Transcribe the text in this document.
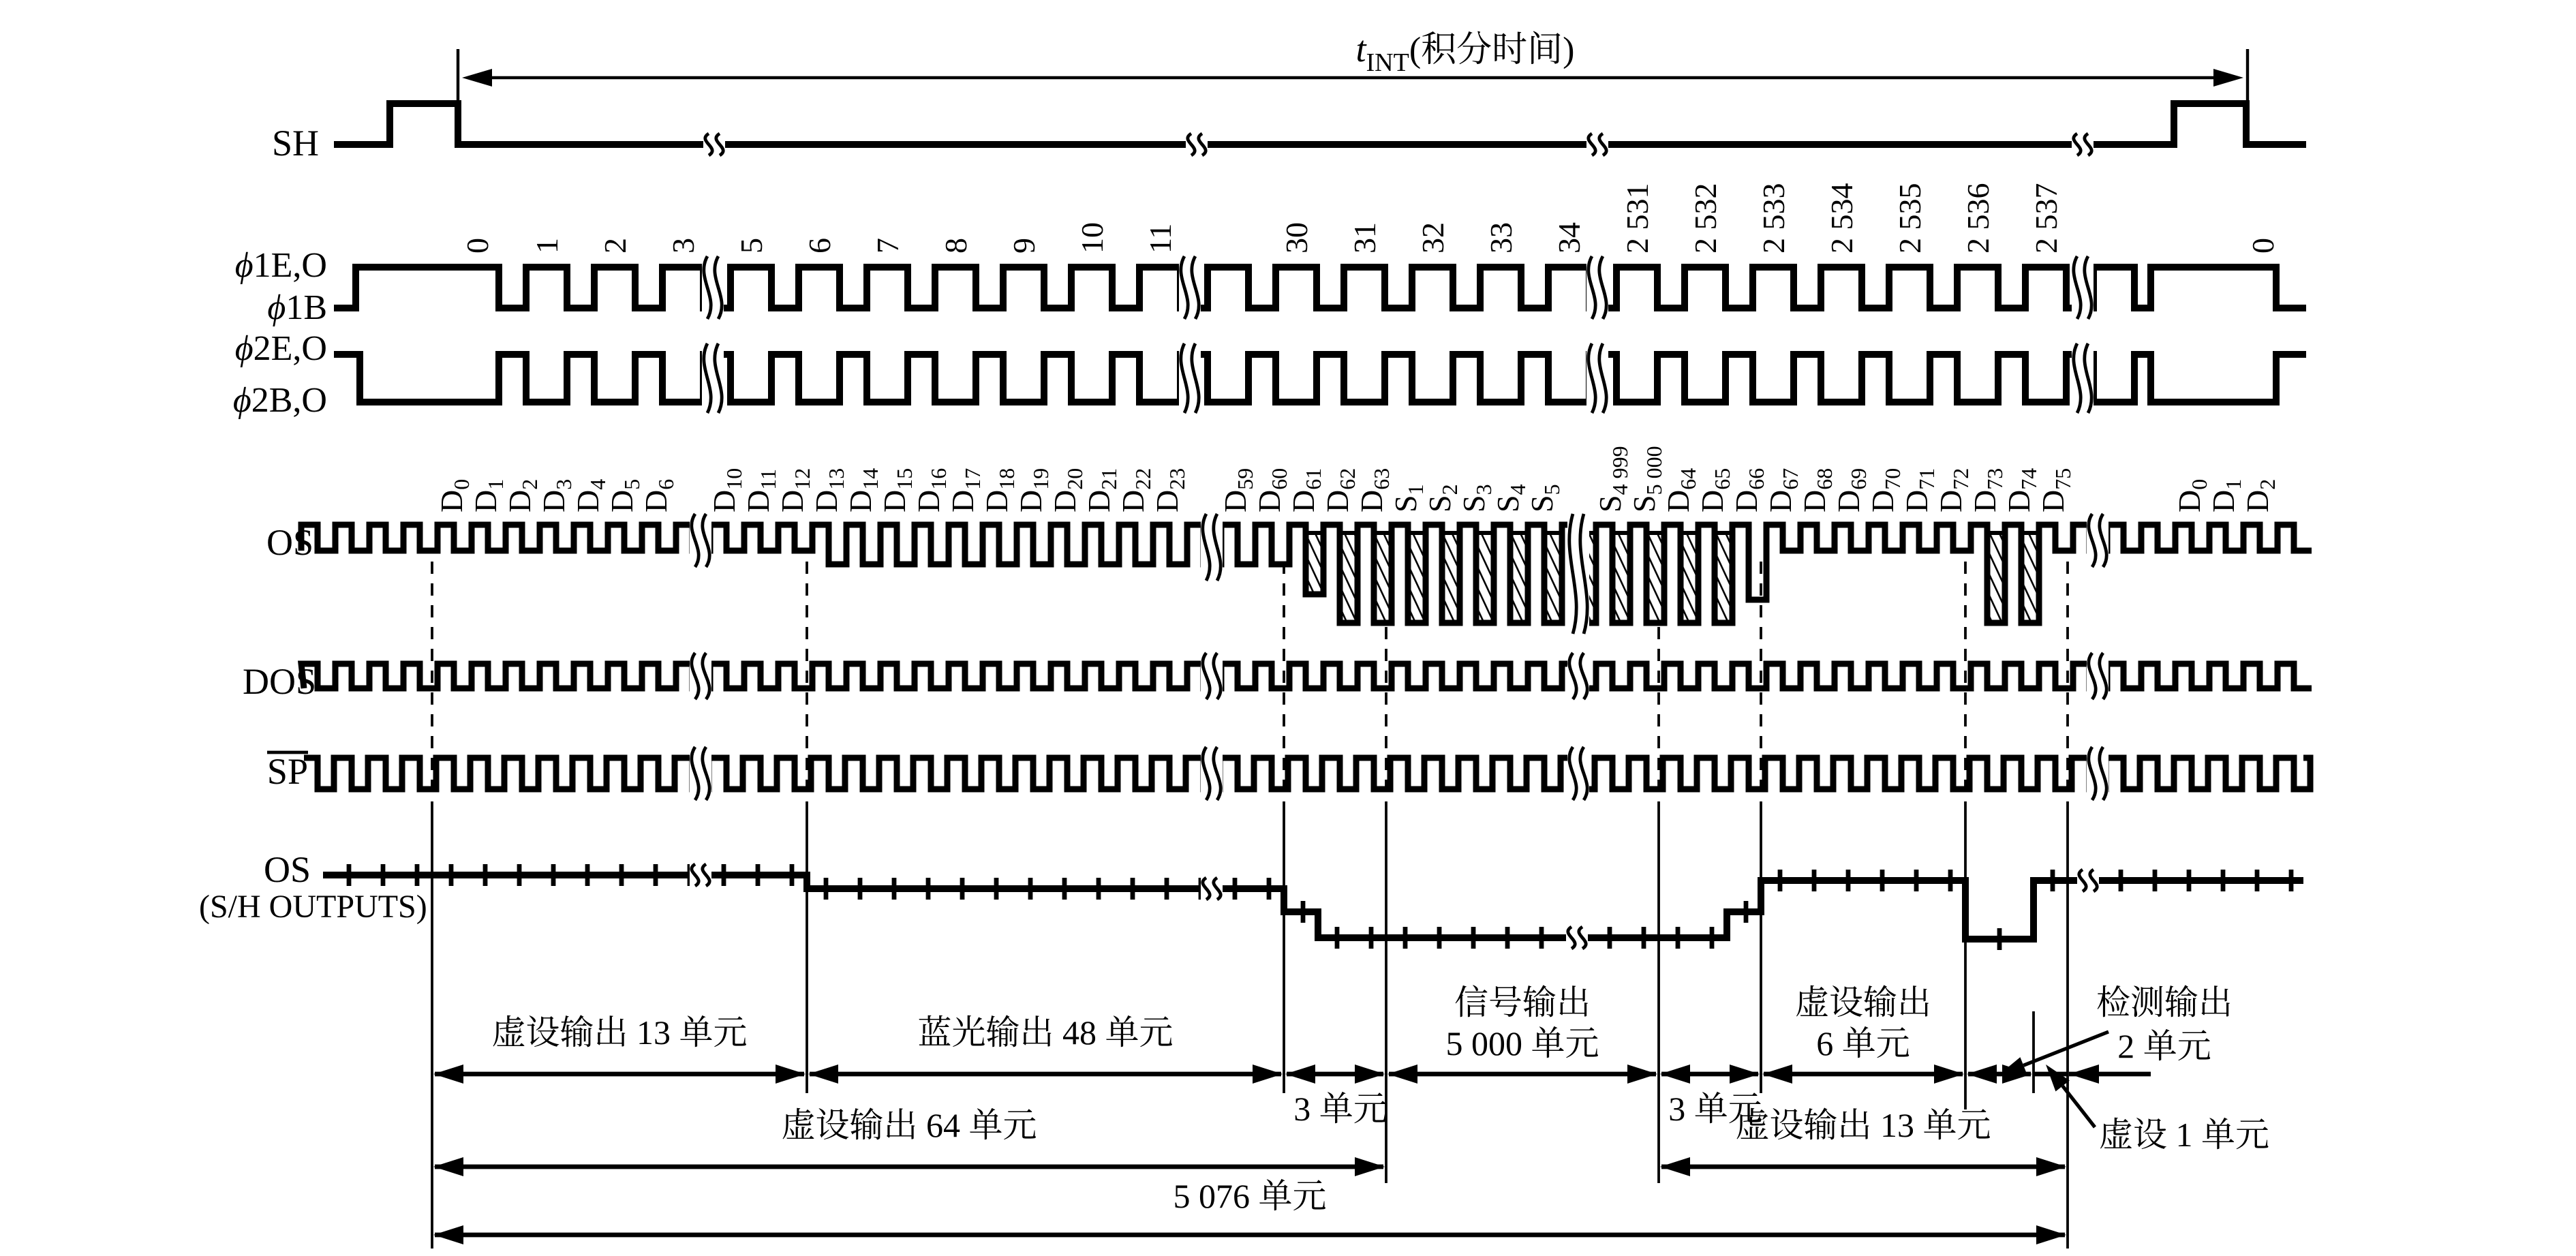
$t_{INT}$(积分时间)
SH
ϕ1E,O
ϕ1B
ϕ2E,O
ϕ2B,O
0 1 2 3 5 6 7 8 9 10 11	30 31 32 33 34 2 531 2 532 2 533 2 534 2 535 2 536 2 537	0
OS
$D_0$
$D_1$
$D_2$
$D_3$
$D_4$
$D_5$
$D_6$
$D_{10}$
$D_{11}$
$D_{12}$
$D_{13}$
$D_{14}$
$D_{15}$
$D_{16}$
$D_{17}$
$D_{18}$
$D_{19}$
$D_{20}$
$D_{21}$
$D_{22}$
$D_{23}$
$D_{59}$
$D_{60}$
$D_{61}$
$D_{62}$
$D_{63}$
$S_1$
$S_2$
$S_3$
$S_4$
$S_5$
$S_{4 999}$
$S_{5 000}$
$D_{64}$
$D_{65}$
$D_{66}$
$D_{67}$
$D_{68}$
$D_{69}$
$D_{70}$
$D_{71}$
$D_{72}$
$D_{73}$
$D_{74}$
$D_{75}$
$D_0$
$D_1$
$D_2$
DOS
SP
OS
(S/H OUTPUTS)
虚设输出 13 单元	蓝光输出 48 单元
3 单元
信号输出
5 000 单元
3 单元
虚设输出
6 单元
虚设输出 64 单元	虚设输出 13 单元
5 076 单元
检测输出
2 单元
虚设 1 单元
